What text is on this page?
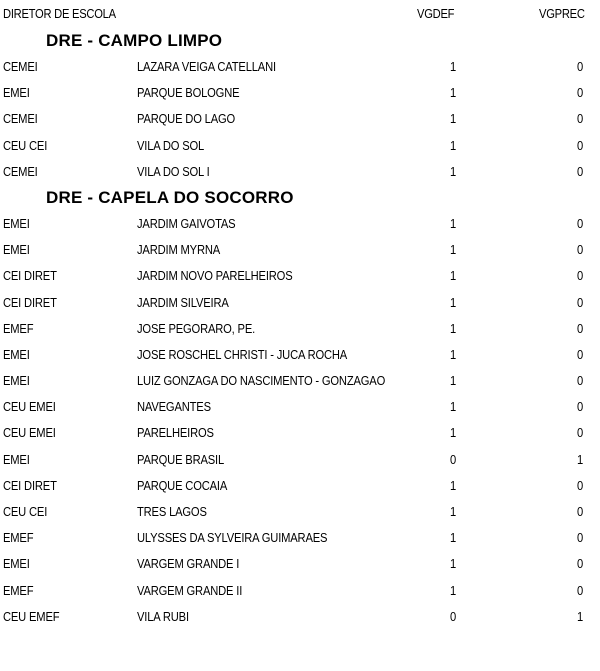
DIRETOR DE ESCOLA	VGDEF	VGPREC
DRE - CAMPO LIMPO
CEMEI	LAZARA VEIGA CATELLANI	1	0
EMEI	PARQUE BOLOGNE	1	0
CEMEI	PARQUE DO LAGO	1	0
CEU CEI	VILA DO SOL	1	0
CEMEI	VILA DO SOL I	1	0
DRE - CAPELA DO SOCORRO
EMEI	JARDIM GAIVOTAS	1	0
EMEI	JARDIM MYRNA	1	0
CEI DIRET	JARDIM NOVO PARELHEIROS	1	0
CEI DIRET	JARDIM SILVEIRA	1	0
EMEF	JOSE PEGORARO, PE.	1	0
EMEI	JOSE ROSCHEL CHRISTI - JUCA ROCHA	1	0
EMEI	LUIZ GONZAGA DO NASCIMENTO - GONZAGAO	1	0
CEU EMEI	NAVEGANTES	1	0
CEU EMEI	PARELHEIROS	1	0
EMEI	PARQUE BRASIL	0	1
CEI DIRET	PARQUE COCAIA	1	0
CEU CEI	TRES LAGOS	1	0
EMEF	ULYSSES DA SYLVEIRA GUIMARAES	1	0
EMEI	VARGEM GRANDE I	1	0
EMEF	VARGEM GRANDE II	1	0
CEU EMEF	VILA RUBI	0	1
